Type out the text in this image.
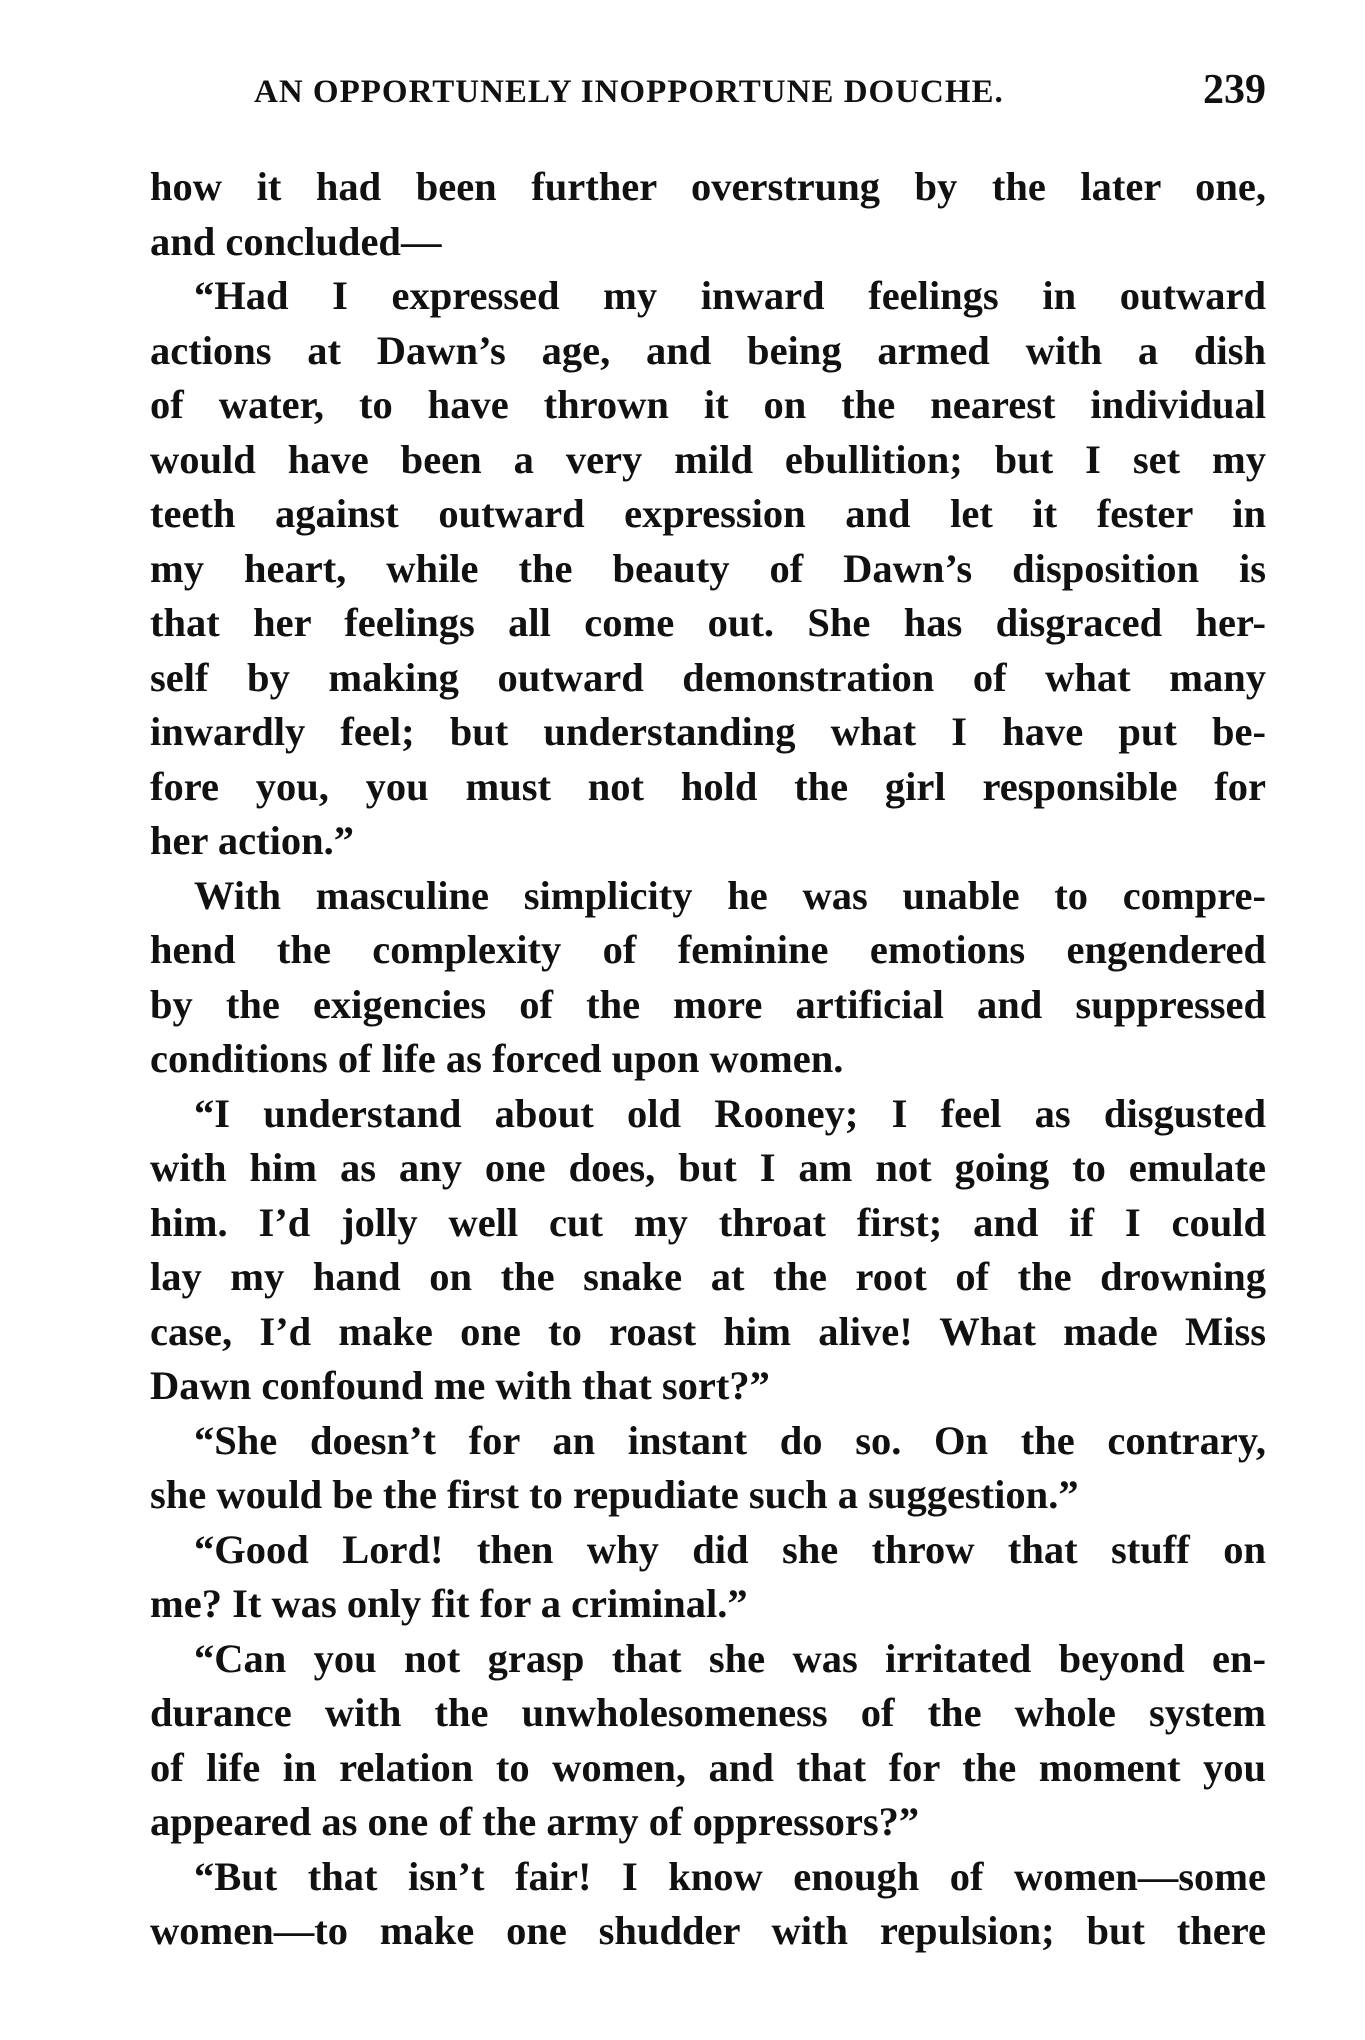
AN OPPORTUNELY INOPPORTUNE DOUCHE.	239
how it had been further overstrung by the later one,
and concluded—
“Had I expressed my inward feelings in outward
actions at Dawn’s age, and being armed with a dish
of water, to have thrown it on the nearest individual
would have been a very mild ebullition; but I set my
teeth against outward expression and let it fester in
my heart, while the beauty of Dawn’s disposition is
that her feelings all come out. She has disgraced her-
self by making outward demonstration of what many
inwardly feel; but understanding what I have put be-
fore you, you must not hold the girl responsible for
her action.”
With masculine simplicity he was unable to compre-
hend the complexity of feminine emotions engendered
by the exigencies of the more artificial and suppressed
conditions of life as forced upon women.
“I understand about old Rooney; I feel as disgusted
with him as any one does, but I am not going to emulate
him. I’d jolly well cut my throat first; and if I could
lay my hand on the snake at the root of the drowning
case, I’d make one to roast him alive! What made Miss
Dawn confound me with that sort?”
“She doesn’t for an instant do so. On the contrary,
she would be the first to repudiate such a suggestion.”
“Good Lord! then why did she throw that stuff on
me? It was only fit for a criminal.”
“Can you not grasp that she was irritated beyond en-
durance with the unwholesomeness of the whole system
of life in relation to women, and that for the moment you
appeared as one of the army of oppressors?”
“But that isn’t fair! I know enough of women—some
women—to make one shudder with repulsion; but there
